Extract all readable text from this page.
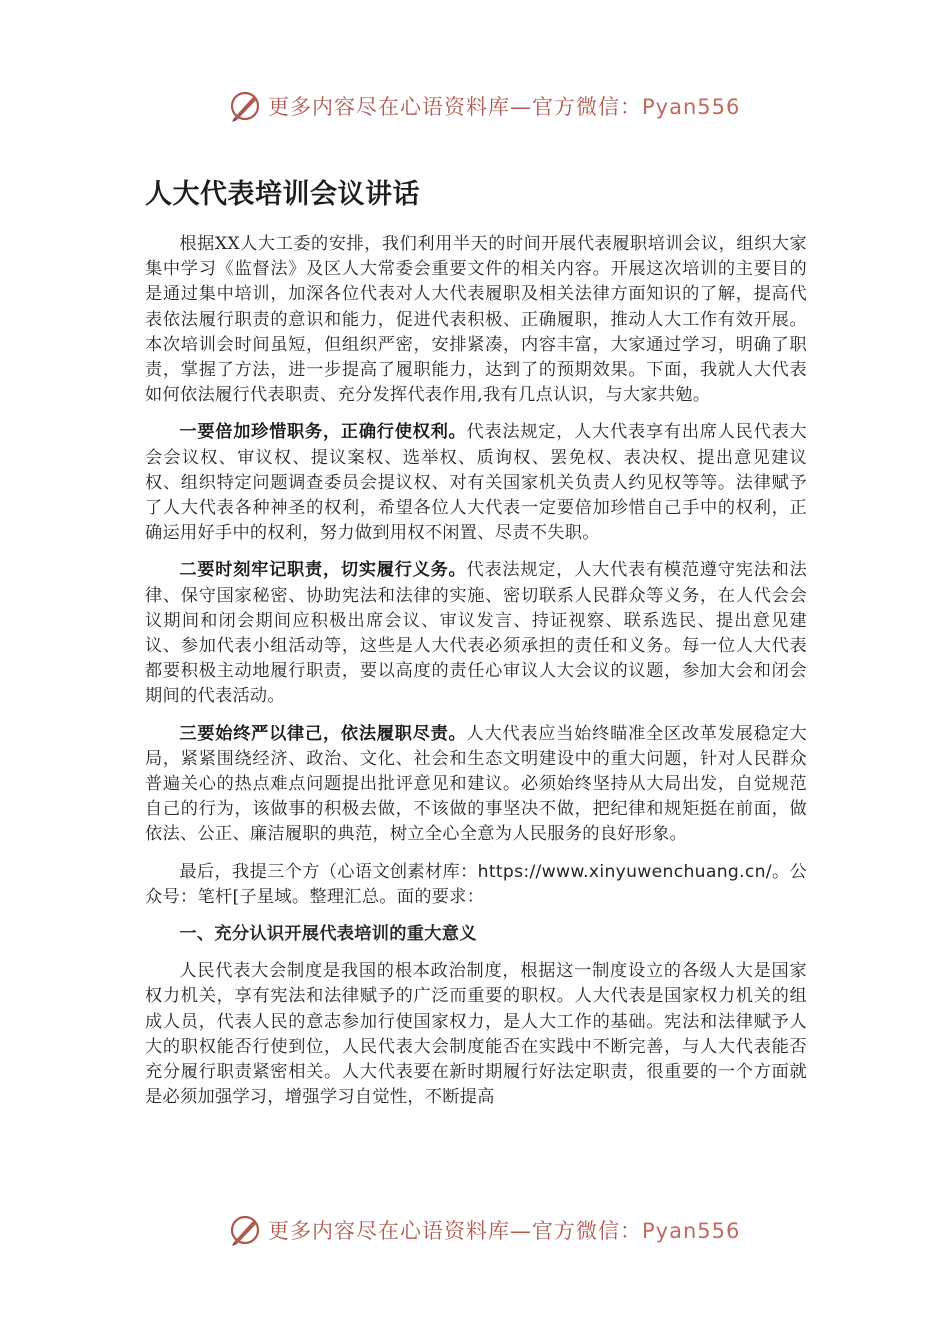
更多内容尽在心语资料库—官方微信：Pyan556
人大代表培训会议讲话

根据XX人大工委的安排，我们利用半天的时间开展代表履职培训会议，组织大家集中学习《监督法》及区人大常委会重要文件的相关内容。开展这次培训的主要目的是通过集中培训，加深各位代表对人大代表履职及相关法律方面知识的了解，提高代表依法履行职责的意识和能力，促进代表积极、正确履职，推动人大工作有效开展。本次培训会时间虽短，但组织严密，安排紧凑，内容丰富，大家通过学习，明确了职责，掌握了方法，进一步提高了履职能力，达到了的预期效果。下面，我就人大代表如何依法履行代表职责、充分发挥代表作用,我有几点认识，与大家共勉。

一要倍加珍惜职务，正确行使权利。代表法规定，人大代表享有出席人民代表大会会议权、审议权、提议案权、选举权、质询权、罢免权、表决权、提出意见建议权、组织特定问题调查委员会提议权、对有关国家机关负责人约见权等等。法律赋予了人大代表各种神圣的权利，希望各位人大代表一定要倍加珍惜自己手中的权利，正确运用好手中的权利，努力做到用权不闲置、尽责不失职。

二要时刻牢记职责，切实履行义务。代表法规定，人大代表有模范遵守宪法和法律、保守国家秘密、协助宪法和法律的实施、密切联系人民群众等义务，在人代会会议期间和闭会期间应积极出席会议、审议发言、持证视察、联系选民、提出意见建议、参加代表小组活动等，这些是人大代表必须承担的责任和义务。每一位人大代表都要积极主动地履行职责，要以高度的责任心审议人大会议的议题，参加大会和闭会期间的代表活动。

三要始终严以律己，依法履职尽责。人大代表应当始终瞄准全区改革发展稳定大局，紧紧围绕经济、政治、文化、社会和生态文明建设中的重大问题，针对人民群众普遍关心的热点难点问题提出批评意见和建议。必须始终坚持从大局出发，自觉规范自己的行为，该做事的积极去做，不该做的事坚决不做，把纪律和规矩挺在前面，做依法、公正、廉洁履职的典范，树立全心全意为人民服务的良好形象。

最后，我提三个方（心语文创素材库：https://www.xinyuwenchuang.cn/。公众号：笔杆[子星域。整理汇总。面的要求：

一、充分认识开展代表培训的重大意义

人民代表大会制度是我国的根本政治制度，根据这一制度设立的各级人大是国家权力机关，享有宪法和法律赋予的广泛而重要的职权。人大代表是国家权力机关的组成人员，代表人民的意志参加行使国家权力，是人大工作的基础。宪法和法律赋予人大的职权能否行使到位，人民代表大会制度能否在实践中不断完善，与人大代表能否充分履行职责紧密相关。人大代表要在新时期履行好法定职责，很重要的一个方面就是必须加强学习，增强学习自觉性，不断提高

更多内容尽在心语资料库—官方微信：Pyan556
